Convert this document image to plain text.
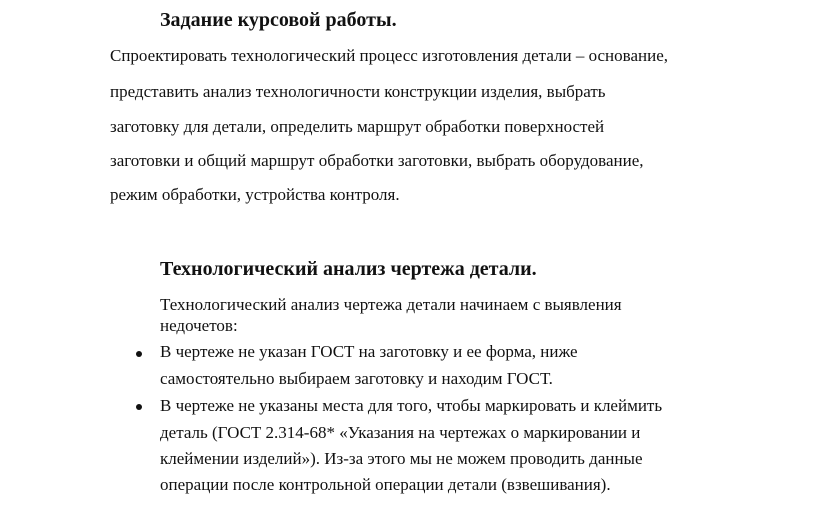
Задание курсовой работы.
Спроектировать технологический процесс изготовления детали – основание,
представить анализ технологичности конструкции изделия, выбрать
заготовку для детали, определить маршрут обработки поверхностей
заготовки и общий маршрут обработки заготовки, выбрать оборудование,
режим обработки, устройства контроля.
Технологический анализ чертежа детали.
Технологический анализ чертежа детали начинаем с выявления
недочетов:
В чертеже не указан ГОСТ на заготовку и ее форма, ниже
самостоятельно выбираем заготовку и находим ГОСТ.
В чертеже не указаны места для того, чтобы маркировать и клеймить
деталь (ГОСТ 2.314-68* «Указания на чертежах о маркировании и
клеймении изделий»). Из-за этого мы не можем проводить данные
операции после контрольной операции детали (взвешивания).
